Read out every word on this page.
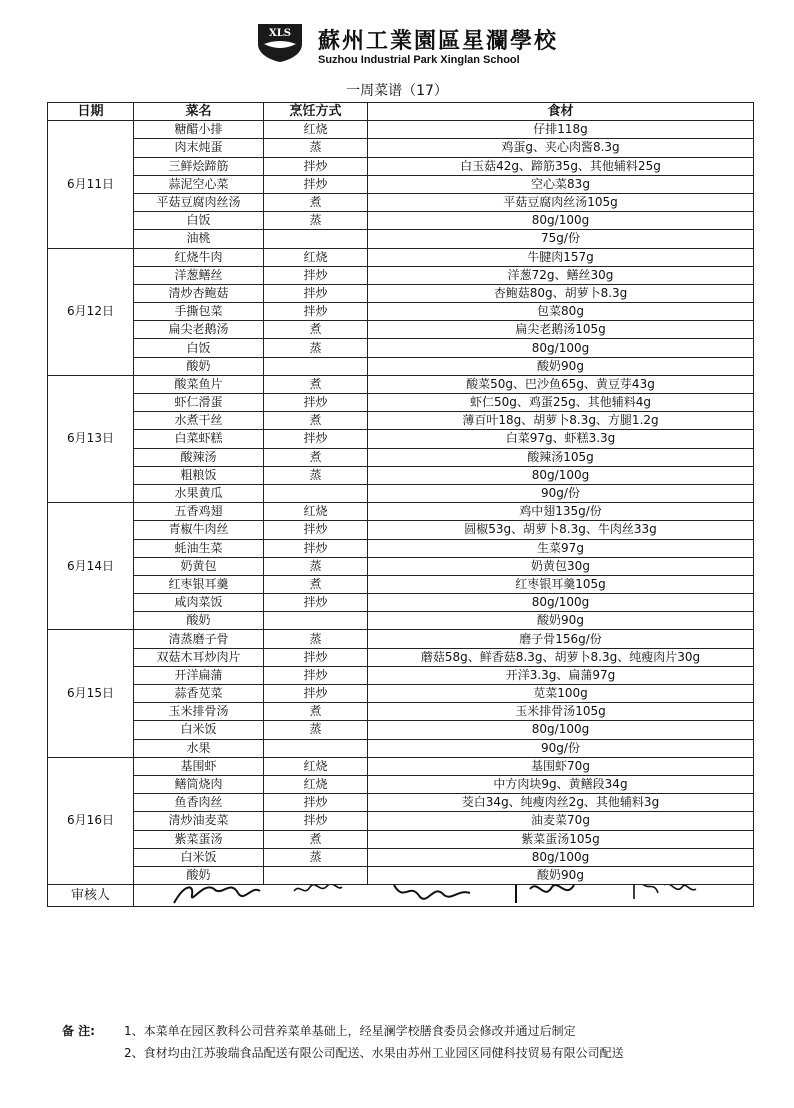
XLS 蘇州工業園區星瀾學校
Suzhou Industrial Park Xinglan School
一周菜谱（17）
日期	菜名	烹饪方式	食材
6月11日	糖醋小排	红烧	仔排118g
	肉末炖蛋	蒸	鸡蛋g、夹心肉酱8.3g
	三鲜烩蹄筋	拌炒	白玉菇42g、蹄筋35g、其他辅料25g
	蒜泥空心菜	拌炒	空心菜83g
	平菇豆腐肉丝汤	煮	平菇豆腐肉丝汤105g
	白饭	蒸	80g/100g
	油桃		75g/份
6月12日	红烧牛肉	红烧	牛腱肉157g
	洋葱鳝丝	拌炒	洋葱72g、鳝丝30g
	清炒杏鲍菇	拌炒	杏鲍菇80g、胡萝卜8.3g
	手撕包菜	拌炒	包菜80g
	扁尖老鹅汤	煮	扁尖老鹅汤105g
	白饭	蒸	80g/100g
	酸奶		酸奶90g
6月13日	酸菜鱼片	煮	酸菜50g、巴沙鱼65g、黄豆芽43g
	虾仁滑蛋	拌炒	虾仁50g、鸡蛋25g、其他辅料4g
	水煮干丝	煮	薄百叶18g、胡萝卜8.3g、方腿1.2g
	白菜虾糕	拌炒	白菜97g、虾糕3.3g
	酸辣汤	煮	酸辣汤105g
	粗粮饭	蒸	80g/100g
	水果黄瓜		90g/份
6月14日	五香鸡翅	红烧	鸡中翅135g/份
	青椒牛肉丝	拌炒	圆椒53g、胡萝卜8.3g、牛肉丝33g
	蚝油生菜	拌炒	生菜97g
	奶黄包	蒸	奶黄包30g
	红枣银耳羹	煮	红枣银耳羹105g
	咸肉菜饭	拌炒	80g/100g
	酸奶		酸奶90g
6月15日	清蒸磨子骨	蒸	磨子骨156g/份
	双菇木耳炒肉片	拌炒	蘑菇58g、鲜香菇8.3g、胡萝卜8.3g、纯瘦肉片30g
	开洋扁蒲	拌炒	开洋3.3g、扁蒲97g
	蒜香苋菜	拌炒	苋菜100g
	玉米排骨汤	煮	玉米排骨汤105g
	白米饭	蒸	80g/100g
	水果		90g/份
6月16日	基围虾	红烧	基围虾70g
	鳝筒烧肉	红烧	中方肉块9g、黄鳝段34g
	鱼香肉丝	拌炒	茭白34g、纯瘦肉丝2g、其他辅料3g
	清炒油麦菜	拌炒	油麦菜70g
	紫菜蛋汤	煮	紫菜蛋汤105g
	白米饭	蒸	80g/100g
	酸奶		酸奶90g
审核人	
备 注: 1、本菜单在园区教科公司营养菜单基础上，经星澜学校膳食委员会修改并通过后制定
2、食材均由江苏骏瑞食品配送有限公司配送、水果由苏州工业园区同健科技贸易有限公司配送
